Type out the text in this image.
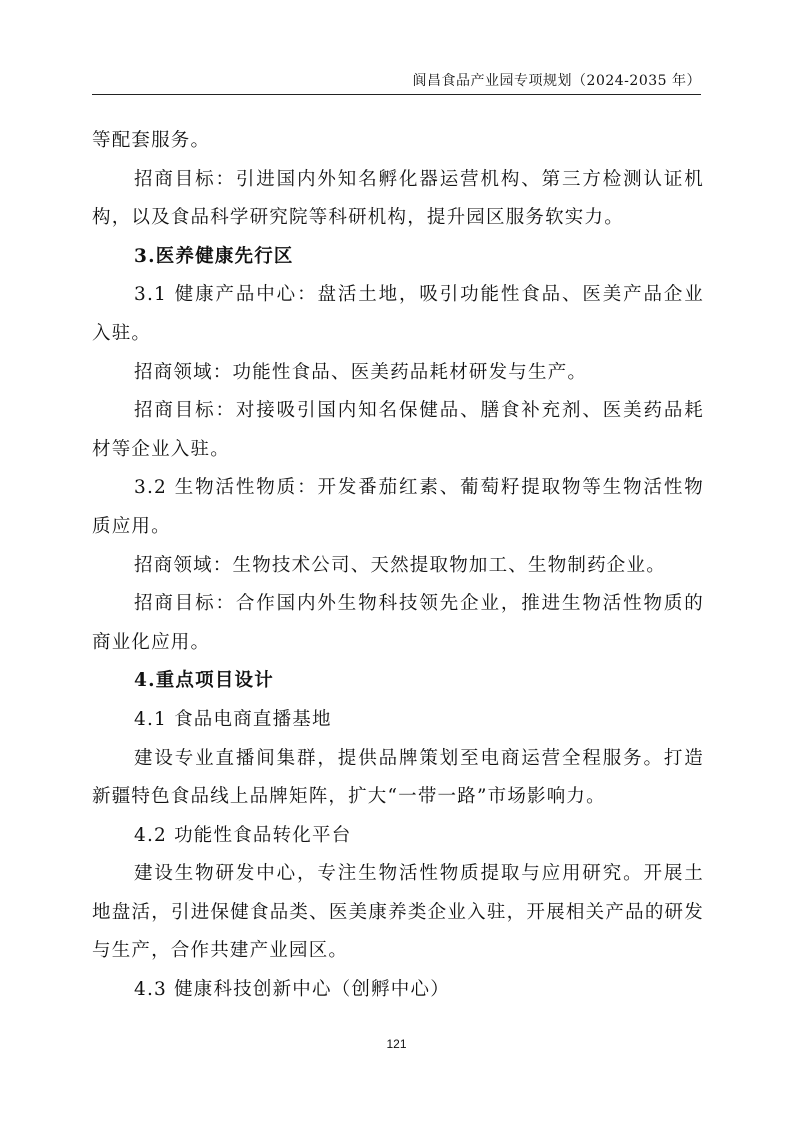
阆昌食品产业园专项规划（2024-2035 年）

等配套服务。

招商目标：引进国内外知名孵化器运营机构、第三方检测认证机构，以及食品科学研究院等科研机构，提升园区服务软实力。

3.医养健康先行区

3.1 健康产品中心：盘活土地，吸引功能性食品、医美产品企业入驻。

招商领域：功能性食品、医美药品耗材研发与生产。

招商目标：对接吸引国内知名保健品、膳食补充剂、医美药品耗材等企业入驻。

3.2 生物活性物质：开发番茄红素、葡萄籽提取物等生物活性物质应用。

招商领域：生物技术公司、天然提取物加工、生物制药企业。

招商目标：合作国内外生物科技领先企业，推进生物活性物质的商业化应用。

4.重点项目设计

4.1 食品电商直播基地

建设专业直播间集群，提供品牌策划至电商运营全程服务。打造新疆特色食品线上品牌矩阵，扩大“一带一路”市场影响力。

4.2 功能性食品转化平台

建设生物研发中心，专注生物活性物质提取与应用研究。开展土地盘活，引进保健食品类、医美康养类企业入驻，开展相关产品的研发与生产，合作共建产业园区。

4.3 健康科技创新中心（创孵中心）

121
